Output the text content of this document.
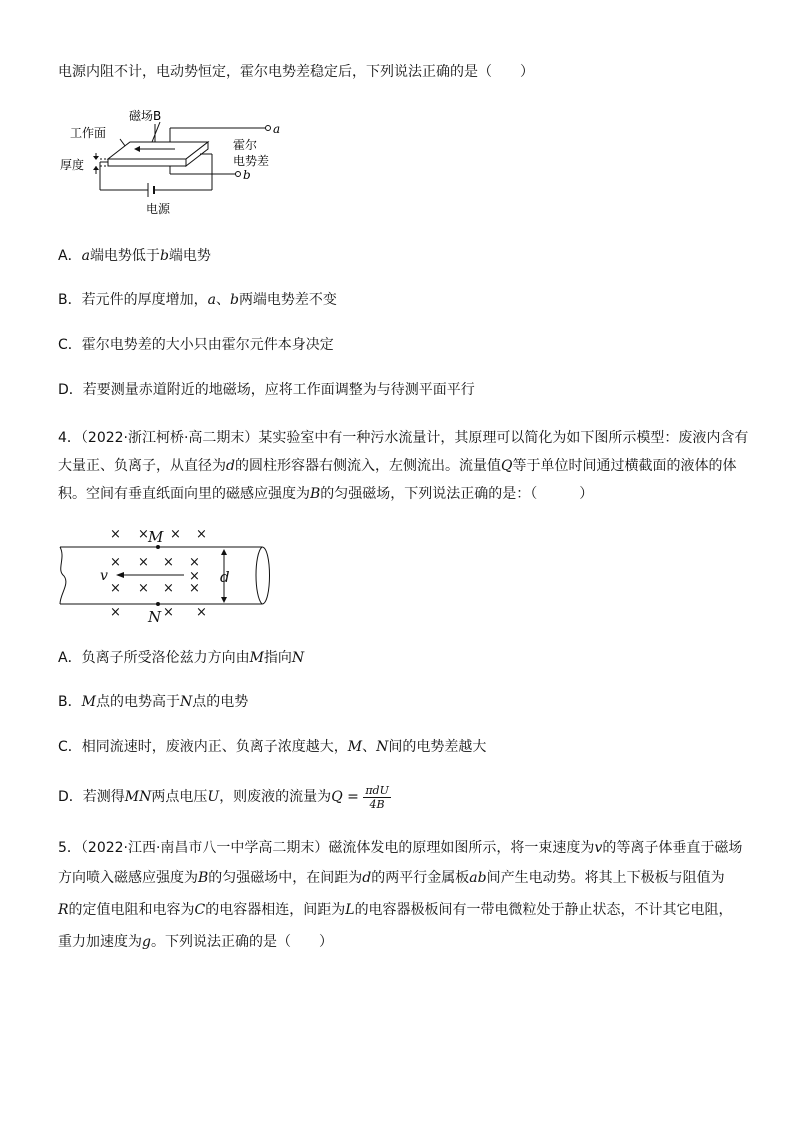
电源内阻不计，电动势恒定，霍尔电势差稳定后，下列说法正确的是（　　）
磁场B
工作面
厚度
霍尔
电势差
电源
a
b
A．a端电势低于b端电势
B．若元件的厚度增加，a、b两端电势差不变
C．霍尔电势差的大小只由霍尔元件本身决定
D．若要测量赤道附近的地磁场，应将工作面调整为与待测平面平行
4．（2022·浙江柯桥·高二期末）某实验室中有一种污水流量计，其原理可以简化为如下图所示模型：废液内含有
大量正、负离子，从直径为d的圆柱形容器右侧流入，左侧流出。流量值Q等于单位时间通过横截面的液体的体
积。空间有垂直纸面向里的磁感应强度为B的匀强磁场，下列说法正确的是：（　　　）
× × × ×
× × × ×
×
× × × ×
×	× ×
M
N
v	d
A．负离子所受洛伦兹力方向由M指向N
B．M点的电势高于N点的电势
C．相同流速时，废液内正、负离子浓度越大，M、N间的电势差越大
D．若测得MN两点电压U，则废液的流量为$Q = \frac{\text{πdU}}{4B}$
5．（2022·江西·南昌市八一中学高二期末）磁流体发电的原理如图所示，将一束速度为v的等离子体垂直于磁场
方向喷入磁感应强度为B的匀强磁场中，在间距为d的两平行金属板ab间产生电动势。将其上下极板与阻值为
R的定值电阻和电容为C的电容器相连，间距为L的电容器极板间有一带电微粒处于静止状态，不计其它电阻，
重力加速度为g。下列说法正确的是（　　）
